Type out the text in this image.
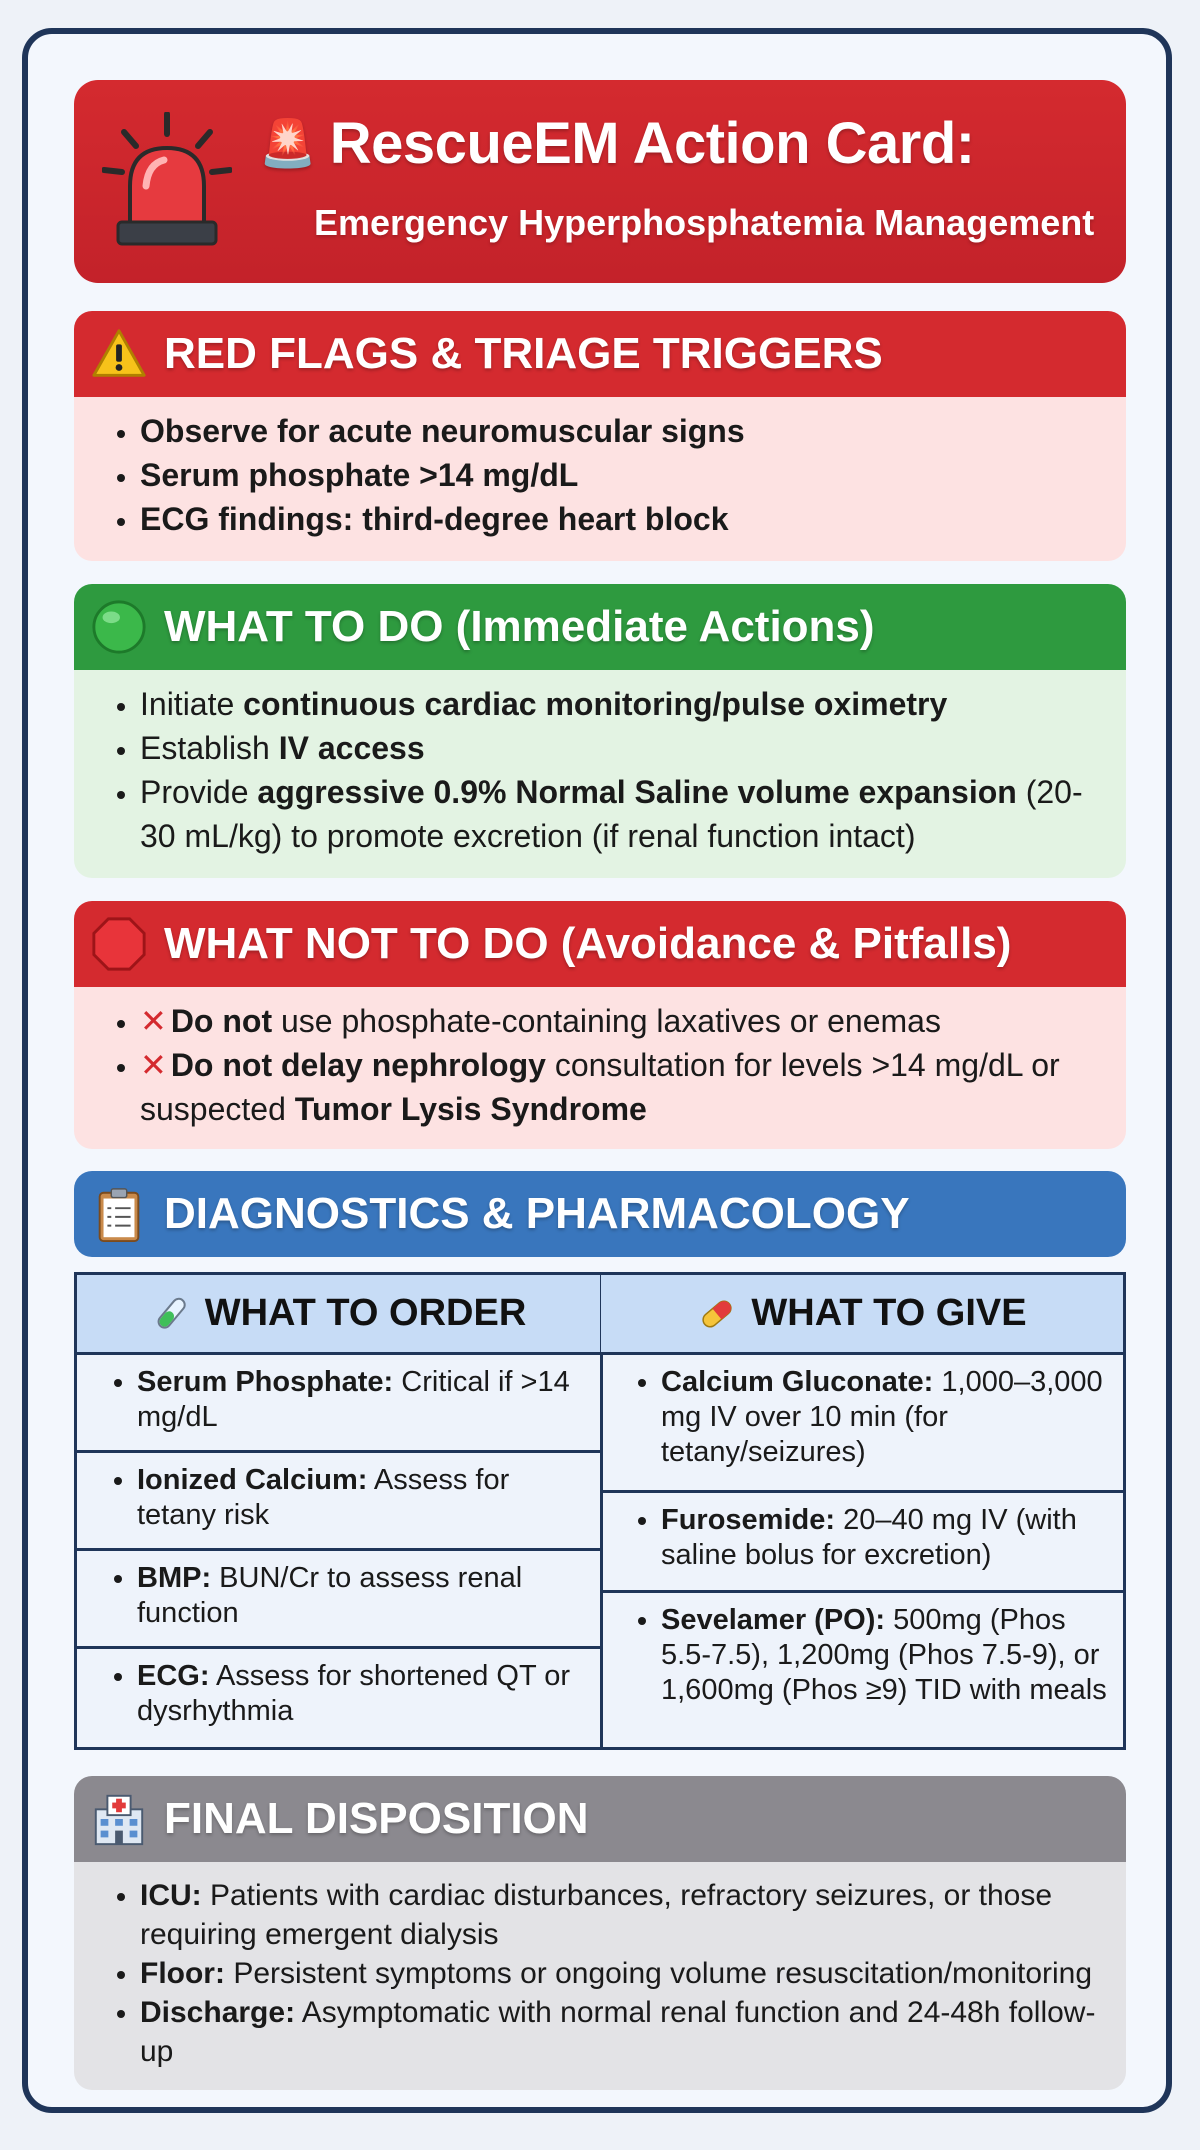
🚨 RescueEM Action Card:
Emergency Hyperphosphatemia Management
RED FLAGS & TRIAGE TRIGGERS
• Observe for acute neuromuscular signs
• Serum phosphate >14 mg/dL
• ECG findings: third-degree heart block
WHAT TO DO (Immediate Actions)
• Initiate continuous cardiac monitoring/pulse oximetry
• Establish IV access
• Provide aggressive 0.9% Normal Saline volume expansion (20-30 mL/kg) to promote excretion (if renal function intact)
WHAT NOT TO DO (Avoidance & Pitfalls)
• ✕ Do not use phosphate-containing laxatives or enemas
• ✕ Do not delay nephrology consultation for levels >14 mg/dL or suspected Tumor Lysis Syndrome
DIAGNOSTICS & PHARMACOLOGY
WHAT TO ORDER
• Serum Phosphate: Critical if >14 mg/dL
• Ionized Calcium: Assess for tetany risk
• BMP: BUN/Cr to assess renal function
• ECG: Assess for shortened QT or dysrhythmia
WHAT TO GIVE
• Calcium Gluconate: 1,000–3,000 mg IV over 10 min (for tetany/seizures)
• Furosemide: 20–40 mg IV (with saline bolus for excretion)
• Sevelamer (PO): 500mg (Phos 5.5-7.5), 1,200mg (Phos 7.5-9), or 1,600mg (Phos ≥9) TID with meals
FINAL DISPOSITION
• ICU: Patients with cardiac disturbances, refractory seizures, or those requiring emergent dialysis
• Floor: Persistent symptoms or ongoing volume resuscitation/monitoring
• Discharge: Asymptomatic with normal renal function and 24-48h follow-up
